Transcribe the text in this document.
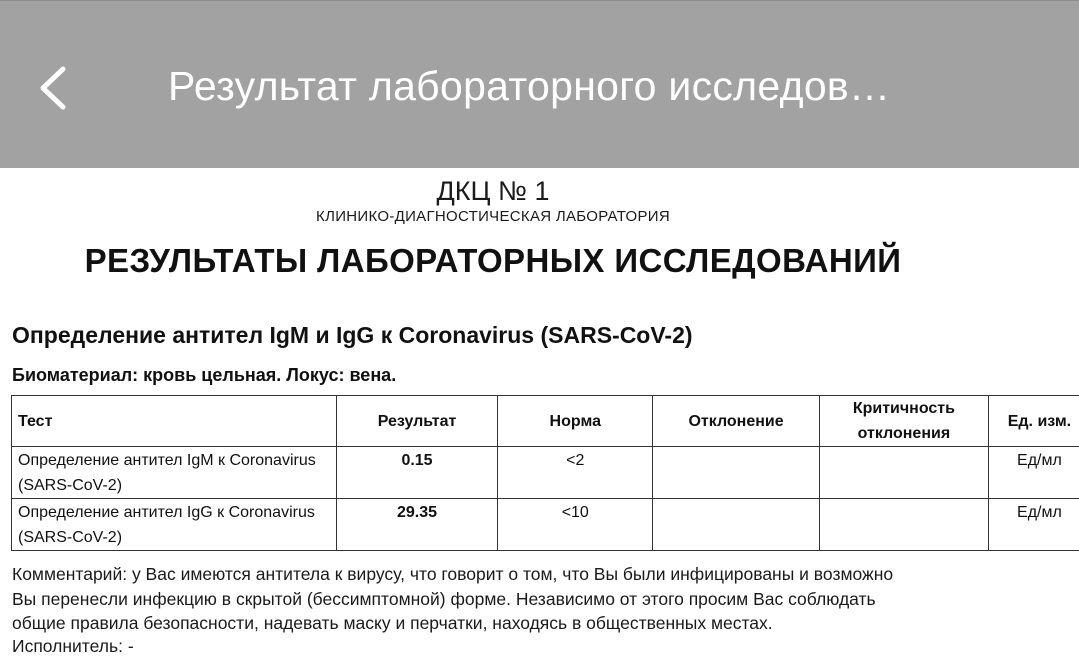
Результат лабораторного исследов…
ДКЦ № 1
КЛИНИКО-ДИАГНОСТИЧЕСКАЯ ЛАБОРАТОРИЯ
РЕЗУЛЬТАТЫ ЛАБОРАТОРНЫХ ИССЛЕДОВАНИЙ
Определение антител IgM и IgG к Coronavirus (SARS-CoV-2)
Биоматериал: кровь цельная. Локус: вена.
Тест	Результат	Норма	Отклонение	Критичность отклонения	Ед. изм.
Определение антител IgM к Coronavirus (SARS-CoV-2)	0.15	<2			Ед/мл
Определение антител IgG к Coronavirus (SARS-CoV-2)	29.35	<10			Ед/мл
Комментарий: у Вас имеются антитела к вирусу, что говорит о том, что Вы были инфицированы и возможно
Вы перенесли инфекцию в скрытой (бессимптомной) форме. Независимо от этого просим Вас соблюдать
общие правила безопасности, надевать маску и перчатки, находясь в общественных местах.
Исполнитель: -
